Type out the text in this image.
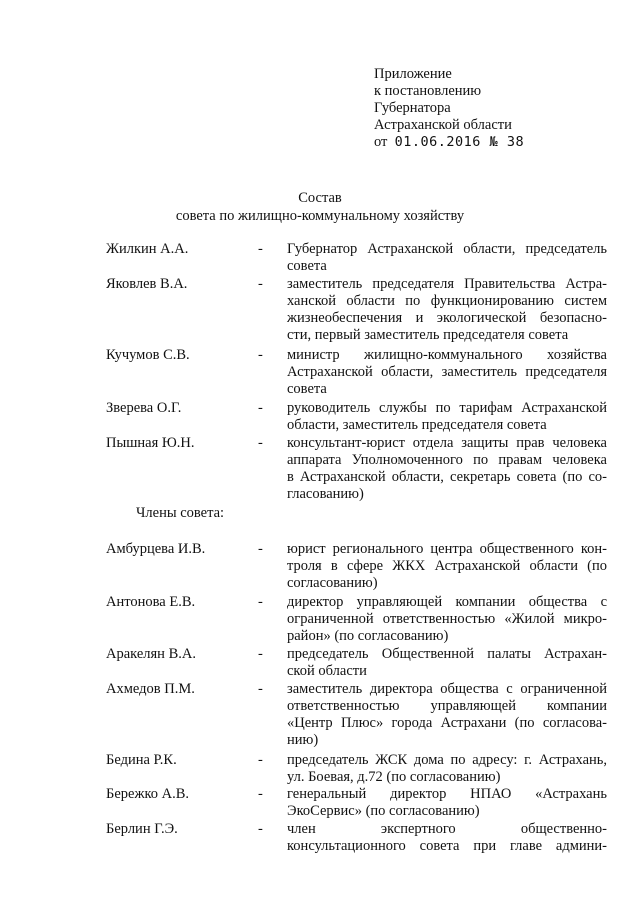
Приложение
к постановлению
Губернатора
Астраханской области
от 01.06.2016 № 38
Состав
совета по жилищно-коммунальному хозяйству
Жилкин А.А.	- Губернатор Астраханской области, председатель
совета
Яковлев В.А.	- заместитель председателя Правительства Астра-
ханской области по функционированию систем
жизнеобеспечения и экологической безопасно-
сти, первый заместитель председателя совета
Кучумов С.В.	- министр жилищно-коммунального хозяйства
Астраханской области, заместитель председателя
совета
Зверева О.Г.	- руководитель службы по тарифам Астраханской
области, заместитель председателя совета
Пышная Ю.Н.	- консультант-юрист отдела защиты прав человека
аппарата Уполномоченного по правам человека
в Астраханской области, секретарь совета (по со-
гласованию)
Члены совета:
Амбурцева И.В.	- юрист регионального центра общественного кон-
троля в сфере ЖКХ Астраханской области (по
согласованию)
Антонова Е.В.	- директор управляющей компании общества с
ограниченной ответственностью «Жилой микро-
район» (по согласованию)
Аракелян В.А.	- председатель Общественной палаты Астрахан-
ской области
Ахмедов П.М.	- заместитель директора общества с ограниченной
ответственностью управляющей компании
«Центр Плюс» города Астрахани (по согласова-
нию)
Бедина Р.К.	- председатель ЖСК дома по адресу: г. Астрахань,
ул. Боевая, д.72 (по согласованию)
Бережко А.В.	- генеральный директор НПАО «Астрахань
ЭкоСервис» (по согласованию)
Берлин Г.Э.	- член экспертного общественно-
консультационного совета при главе админи-
